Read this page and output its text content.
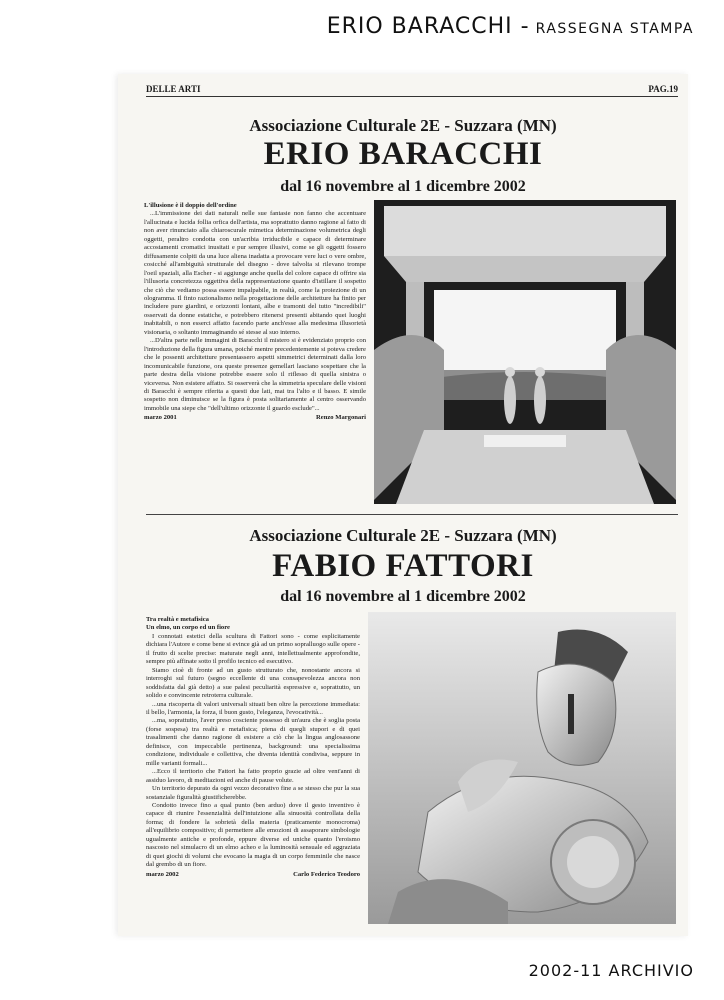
ERIO BARACCHI - RASSEGNA STAMPA
DELLE ARTI	PAG.19
Associazione Culturale 2E - Suzzara (MN)
ERIO BARACCHI
dal 16 novembre al 1 dicembre 2002
L'illusione è il doppio dell'ordine

...L'immissione dei dati naturali nelle sue fantasie non fanno che accentuare l'allucinata e lucida follia orfica dell'artista, ma soprattutto danno ragione al fatto di non aver rinunciato alla chiaroscurale mimetica determinazione volumetrica degli oggetti, peraltro condotta con un'acribia irriducibile e capace di determinare accostamenti cromatici inusitati e pur sempre illusivi, come se gli oggetti fossero diffusamente colpiti da una luce aliena inadatta a provocare vere luci o vere ombre, cosicché all'ambiguità strutturale del disegno - dove talvolta si rilevano trompe l'oeil spaziali, alla Escher - si aggiunge anche quella del colore capace di offrire sia l'illusoria concretezza oggettiva della rappresentazione quanto d'istillare il sospetto che ciò che vediamo possa essere impalpabile, in realtà, come la proiezione di un ologramma. Il finto razionalismo nella progettazione delle architetture ha finito per includere pure giardini, e orizzonti lontani, albe e tramonti del tutto "incredibili" osservati da donne estatiche, e potrebbero ritenersi presenti abitando quei luoghi inabitabili, o non esserci affatto facendo parte anch'esse alla medesima illusorietà visionaria, o soltanto immaginando sé stesse al suo interno.

...D'altra parte nelle immagini di Baracchi il mistero si è evidenziato proprio con l'introduzione della figura umana, poiché mentre precedentemente si poteva credere che le possenti architetture presentassero aspetti simmetrici determinati dalla loro incomunicabile funzione, ora queste presenze gemellari lasciano sospettare che la parte destra della visione potrebbe essere solo il riflesso di quella sinistra o viceversa. Non esistere affatto. Si osserverà che la simmetria speculare delle visioni di Baracchi è sempre riferita a questi due lati, mai tra l'alto e il basso. E simile sospetto non diminuisce se la figura è posta solitariamente al centro osservando immobile una siepe che "dell'ultimo orizzonte il guardo esclude"...

marzo 2001	Renzo Margonari
Associazione Culturale 2E - Suzzara (MN)
FABIO FATTORI
dal 16 novembre al 1 dicembre 2002
Tra realtà e metafisica
Un elmo, un corpo ed un fiore

I connotati estetici della scultura di Fattori sono - come esplicitamente dichiara l'Autore e come bene si evince già ad un primo sopralluogo sulle opere - il frutto di scelte precise: maturate negli anni, intellettualmente approfondite, sempre più affinate sotto il profilo tecnico ed esecutivo.

Siamo cioè di fronte ad un gusto strutturato che, nonostante ancora si interroghi sul futuro (segno eccellente di una consapevolezza ancora non soddisfatta dal già detto) a sue palesi peculiarità espressive e, soprattutto, un solido e convincente retroterra culturale.

...una riscoperta di valori universali situati ben oltre la percezione immediata: il bello, l'armonia, la forza, il buon gusto, l'eleganza, l'evocatività...

...ma, soprattutto, l'aver preso cosciente possesso di un'aura che è soglia posta (forse sospesa) tra realtà e metafisica; piena di quegli stupori e di quei trasalimenti che danno ragione di esistere a ciò che la lingua anglosassone definisce, con impeccabile pertinenza, background: una specialissima condizione, individuale e collettiva, che diventa identità condivisa, seppure in mille varianti formali...

...Ecco il territorio che Fattori ha fatto proprio grazie ad oltre vent'anni di assiduo lavoro, di meditazioni ed anche di pause volute.

Un territorio depurato da ogni vezzo decorativo fine a se stesso che pur la sua sostanziale figuralità giustificherebbe.

Condotto invece fino a qual punto (ben arduo) dove il gesto inventivo è capace di riunire l'essenzialità dell'intuizione alla sinuosità controllata della forma; di fondere la sobrietà della materia (praticamente monocroma) all'equilibrio compositivo; di permettere alle emozioni di assaporare simbologie ugualmente antiche e profonde, eppure diverse ed uniche quanto l'eroismo nascosto nel simulacro di un elmo acheo e la luminosità sensuale ed aggraziata di quei giochi di volumi che evocano la magia di un corpo femminile che nasce dal grembo di un fiore.

marzo 2002	Carlo Federico Teodoro
2002-11 ARCHIVIO
